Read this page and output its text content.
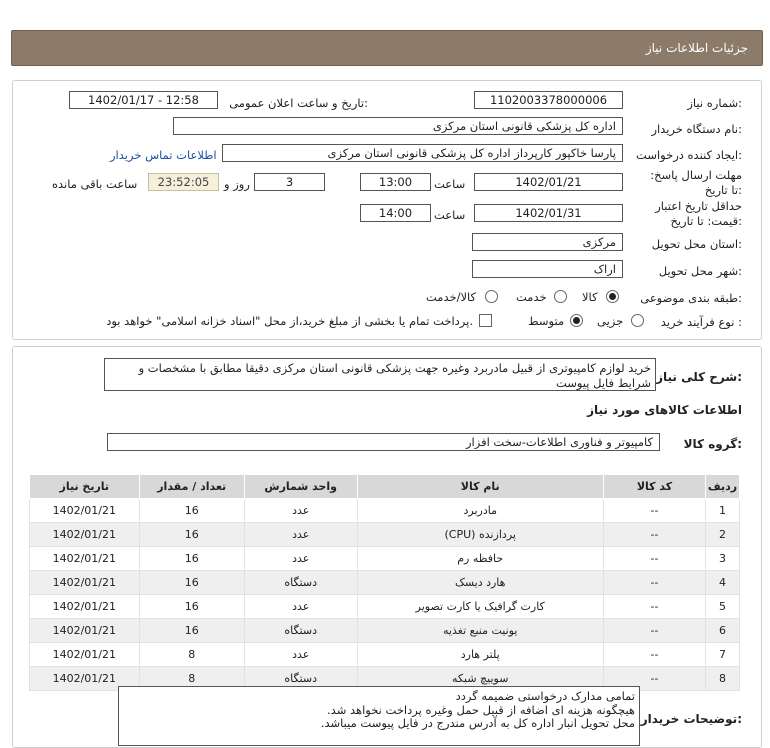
جزئیات اطلاعات نیاز
شماره نیاز:
1102003378000006
تاریخ و ساعت اعلان عمومی:
1402/01/17 - 12:58
نام دستگاه خریدار:
اداره کل پزشکی قانونی استان مرکزی
ایجاد کننده درخواست:
پارسا خاکپور کارپرداز اداره کل پزشکی قانونی استان مرکزی
اطلاعات تماس خریدار
مهلت ارسال پاسخ: تا تاریخ:
1402/01/21
ساعت
13:00
3
روز و
23:52:05
ساعت باقی مانده
حداقل تاریخ اعتبار قیمت: تا تاریخ:
1402/01/31
ساعت
14:00
استان محل تحویل:
مرکزی
شهر محل تحویل:
اراک
طبقه بندی موضوعی:
کالا
خدمت
کالا/خدمت
نوع فرآیند خرید :
جزیی
متوسط
پرداخت تمام یا بخشی از مبلغ خرید،از محل "اسناد خزانه اسلامی" خواهد بود.
شرح کلی نیاز:
خرید لوازم کامپیوتری از قبیل مادربرد وغیره جهت پزشکی قانونی استان مرکزی دقیقا مطابق با مشخصات و شرایط فایل پیوست
اطلاعات کالاهای مورد نیاز
گروه کالا:
کامپیوتر و فناوری اطلاعات-سخت افزار
ردیف	کد کالا	نام کالا	واحد شمارش	تعداد / مقدار	تاریخ نیاز
1	--	مادربرد	عدد	16	1402/01/21
2	--	پردازنده (CPU)	عدد	16	1402/01/21
3	--	حافظه رم	عدد	16	1402/01/21
4	--	هارد دیسک	دستگاه	16	1402/01/21
5	--	کارت گرافیک یا کارت تصویر	عدد	16	1402/01/21
6	--	یونیت منبع تغذیه	دستگاه	16	1402/01/21
7	--	پلتر هارد	عدد	8	1402/01/21
8	--	سوییچ شبکه	دستگاه	8	1402/01/21
توضیحات خریدار:
تمامی مدارک درخواستی ضمیمه گردد
هیچگونه هزینه ای اضافه از قبیل حمل وغیره پرداخت نخواهد شد.
محل تحویل انبار اداره کل به آدرس مندرج در فایل پیوست میباشد.
